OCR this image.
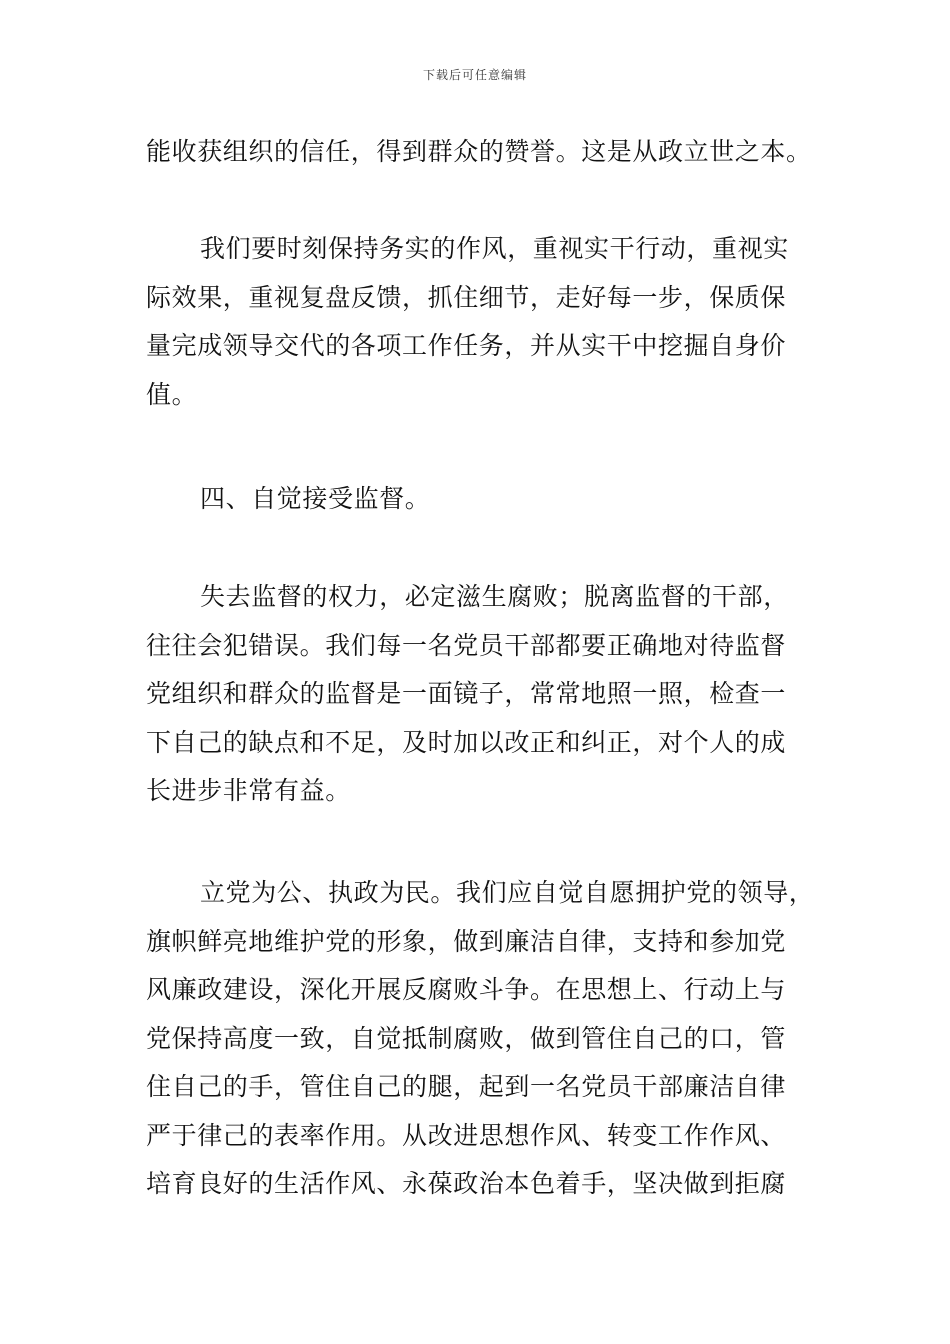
下载后可任意编辑
能收获组织的信任，得到群众的赞誉。这是从政立世之本。
我们要时刻保持务实的作风，重视实干行动，重视实
际效果，重视复盘反馈，抓住细节，走好每一步，保质保
量完成领导交代的各项工作任务，并从实干中挖掘自身价
值。
四、自觉接受监督。
失去监督的权力，必定滋生腐败；脱离监督的干部，
往往会犯错误。我们每一名党员干部都要正确地对待监督
党组织和群众的监督是一面镜子，常常地照一照，检查一
下自己的缺点和不足，及时加以改正和纠正，对个人的成
长进步非常有益。
立党为公、执政为民。我们应自觉自愿拥护党的领导，
旗帜鲜亮地维护党的形象，做到廉洁自律，支持和参加党
风廉政建设，深化开展反腐败斗争。在思想上、行动上与
党保持高度一致，自觉抵制腐败，做到管住自己的口，管
住自己的手，管住自己的腿，起到一名党员干部廉洁自律
严于律己的表率作用。从改进思想作风、转变工作作风、
培育良好的生活作风、永葆政治本色着手，坚决做到拒腐
